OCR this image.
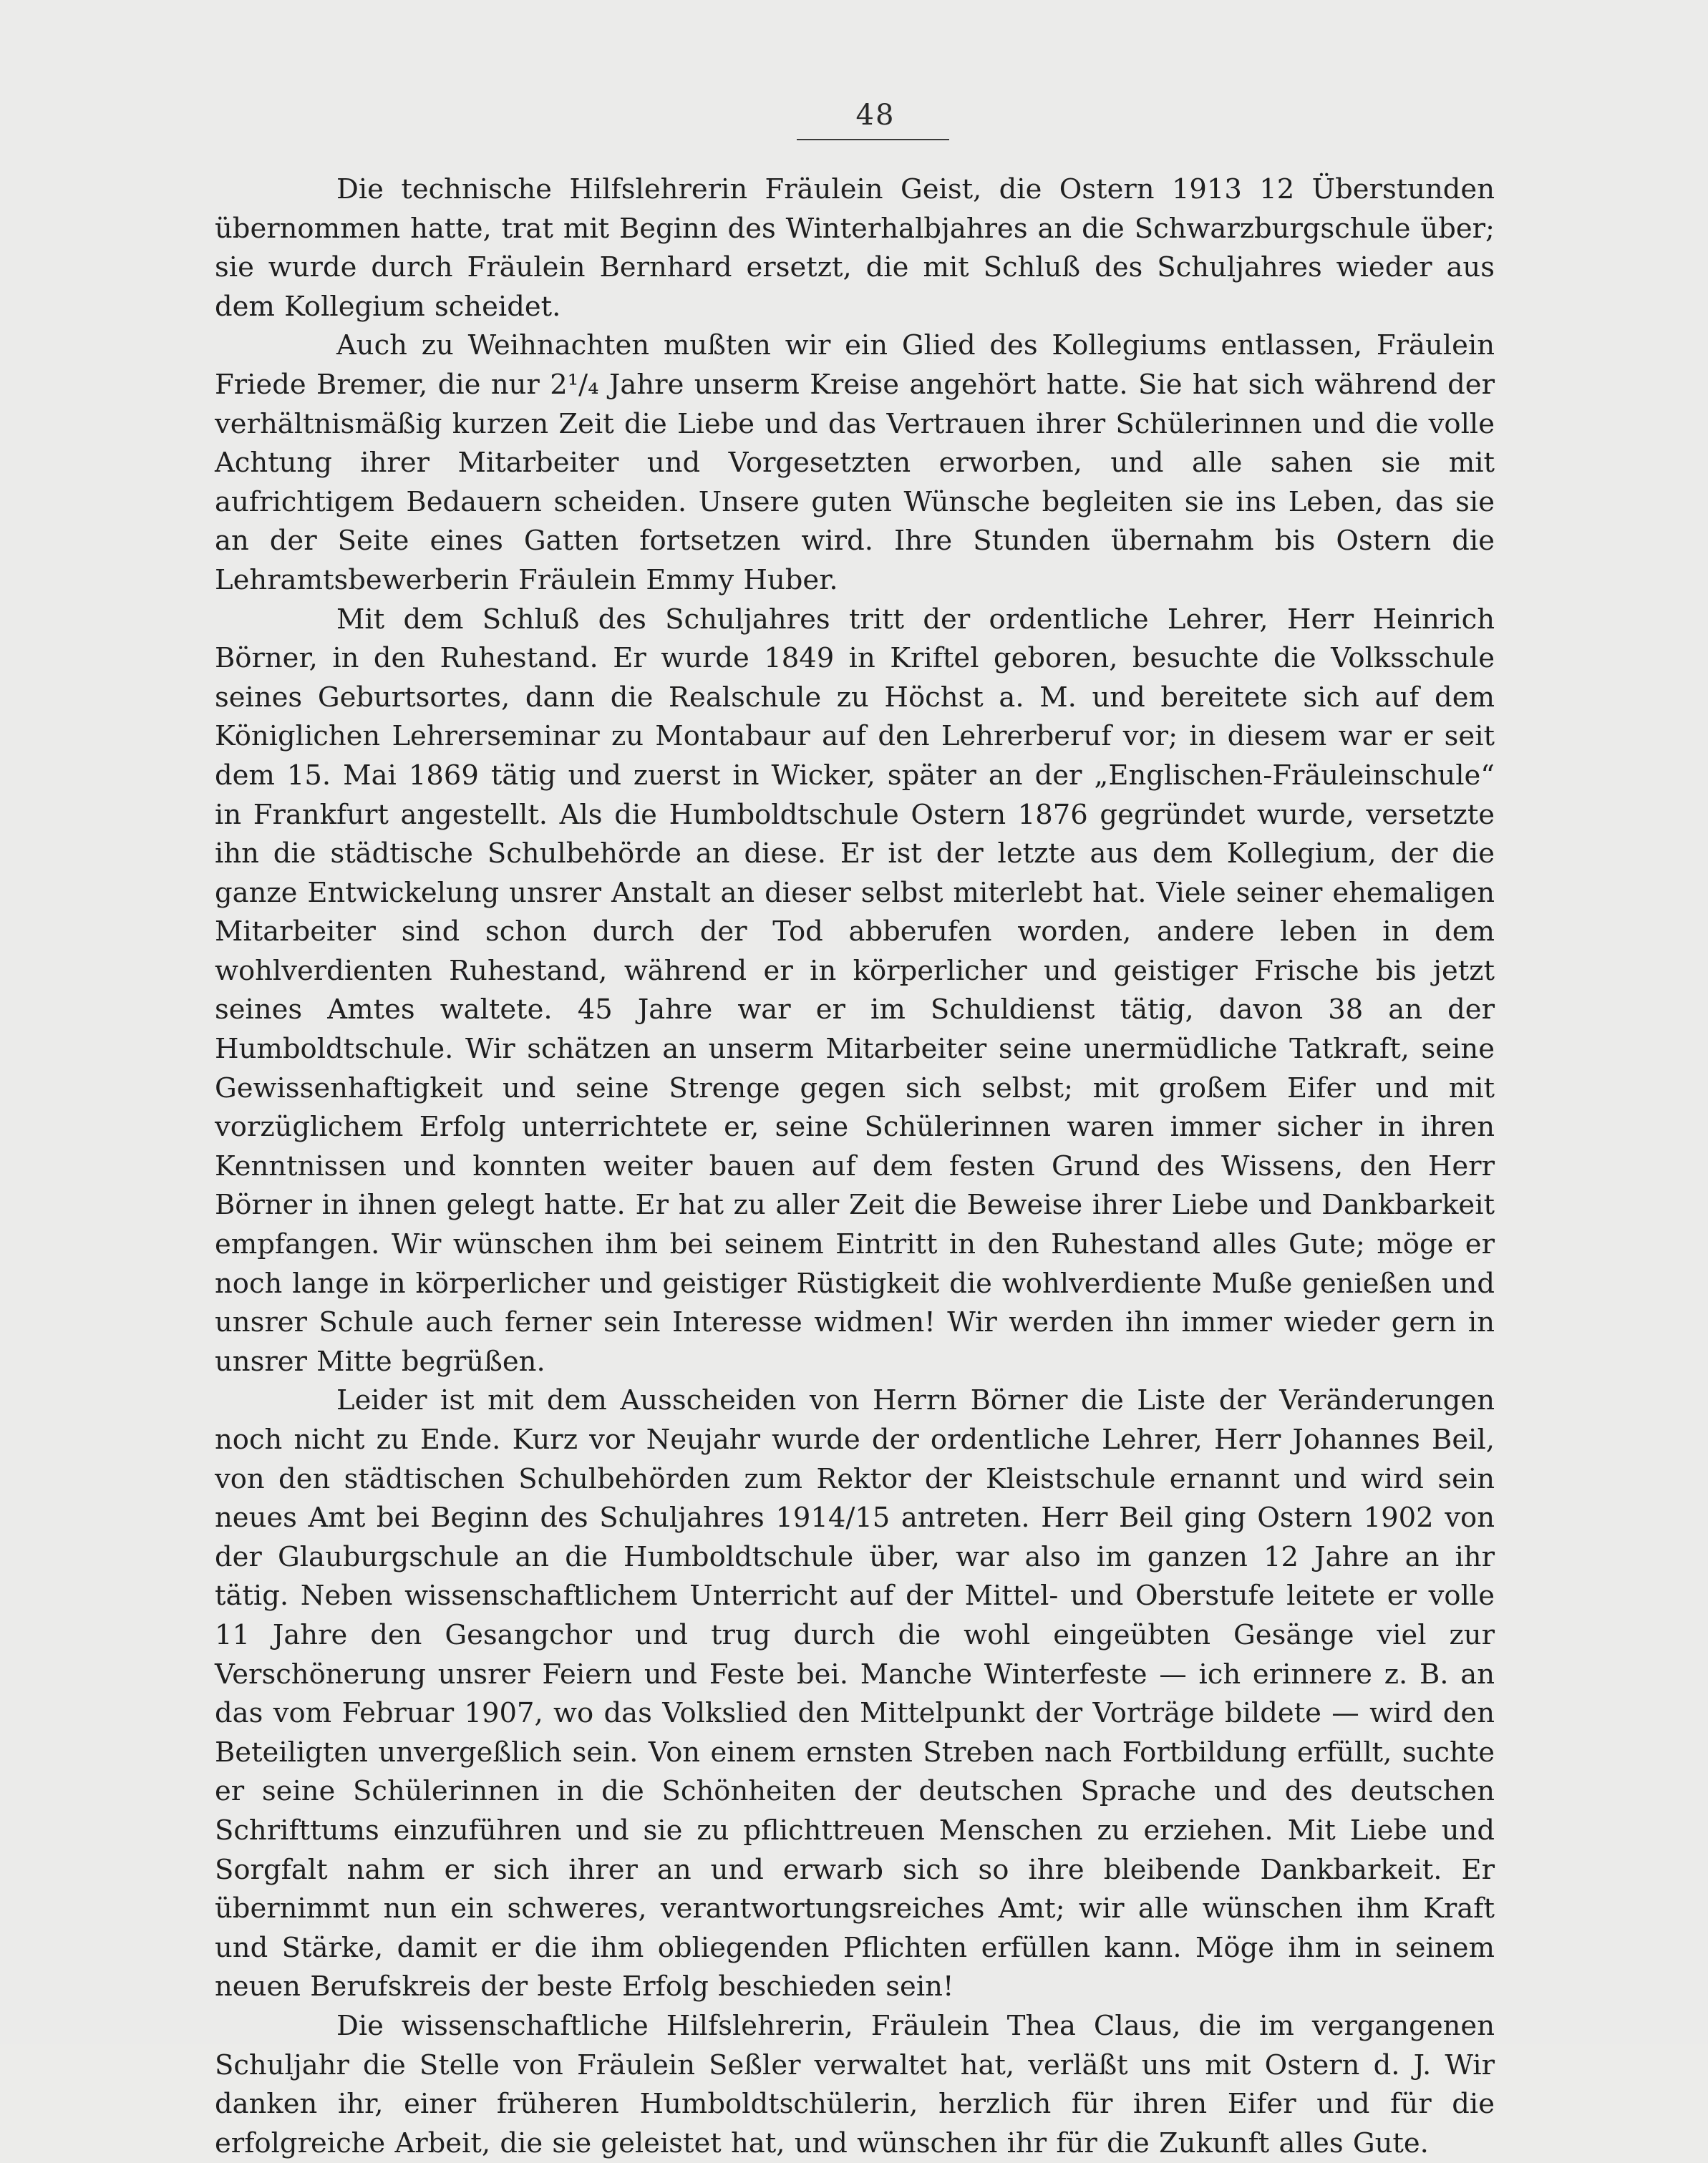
48

Die technische Hilfslehrerin Fräulein Geist, die Ostern 1913 12 Überstunden übernommen hatte, trat mit Beginn des Winterhalbjahres an die Schwarzburgschule über; sie wurde durch Fräulein Bernhard ersetzt, die mit Schluß des Schuljahres wieder aus dem Kollegium scheidet.

Auch zu Weihnachten mußten wir ein Glied des Kollegiums entlassen, Fräulein Friede Bremer, die nur 2¹/₄ Jahre unserm Kreise angehört hatte. Sie hat sich während der verhältnismäßig kurzen Zeit die Liebe und das Vertrauen ihrer Schülerinnen und die volle Achtung ihrer Mitarbeiter und Vorgesetzten erworben, und alle sahen sie mit aufrichtigem Bedauern scheiden. Unsere guten Wünsche begleiten sie ins Leben, das sie an der Seite eines Gatten fortsetzen wird. Ihre Stunden übernahm bis Ostern die Lehramtsbewerberin Fräulein Emmy Huber.

Mit dem Schluß des Schuljahres tritt der ordentliche Lehrer, Herr Heinrich Börner, in den Ruhestand. Er wurde 1849 in Kriftel geboren, besuchte die Volksschule seines Geburtsortes, dann die Realschule zu Höchst a. M. und bereitete sich auf dem Königlichen Lehrerseminar zu Montabaur auf den Lehrerberuf vor; in diesem war er seit dem 15. Mai 1869 tätig und zuerst in Wicker, später an der „Englischen-Fräuleinschule“ in Frankfurt angestellt. Als die Humboldtschule Ostern 1876 gegründet wurde, versetzte ihn die städtische Schulbehörde an diese. Er ist der letzte aus dem Kollegium, der die ganze Entwickelung unsrer Anstalt an dieser selbst miterlebt hat. Viele seiner ehemaligen Mitarbeiter sind schon durch der Tod abberufen worden, andere leben in dem wohlverdienten Ruhestand, während er in körperlicher und geistiger Frische bis jetzt seines Amtes waltete. 45 Jahre war er im Schuldienst tätig, davon 38 an der Humboldtschule. Wir schätzen an unserm Mitarbeiter seine unermüdliche Tatkraft, seine Gewissenhaftigkeit und seine Strenge gegen sich selbst; mit großem Eifer und mit vorzüglichem Erfolg unterrichtete er, seine Schülerinnen waren immer sicher in ihren Kenntnissen und konnten weiter bauen auf dem festen Grund des Wissens, den Herr Börner in ihnen gelegt hatte. Er hat zu aller Zeit die Beweise ihrer Liebe und Dankbarkeit empfangen. Wir wünschen ihm bei seinem Eintritt in den Ruhestand alles Gute; möge er noch lange in körperlicher und geistiger Rüstigkeit die wohlverdiente Muße genießen und unsrer Schule auch ferner sein Interesse widmen! Wir werden ihn immer wieder gern in unsrer Mitte begrüßen.

Leider ist mit dem Ausscheiden von Herrn Börner die Liste der Veränderungen noch nicht zu Ende. Kurz vor Neujahr wurde der ordentliche Lehrer, Herr Johannes Beil, von den städtischen Schulbehörden zum Rektor der Kleistschule ernannt und wird sein neues Amt bei Beginn des Schuljahres 1914/15 antreten. Herr Beil ging Ostern 1902 von der Glauburgschule an die Humboldtschule über, war also im ganzen 12 Jahre an ihr tätig. Neben wissenschaftlichem Unterricht auf der Mittel- und Oberstufe leitete er volle 11 Jahre den Gesangchor und trug durch die wohl eingeübten Gesänge viel zur Verschönerung unsrer Feiern und Feste bei. Manche Winterfeste — ich erinnere z. B. an das vom Februar 1907, wo das Volkslied den Mittelpunkt der Vorträge bildete — wird den Beteiligten unvergeßlich sein. Von einem ernsten Streben nach Fortbildung erfüllt, suchte er seine Schülerinnen in die Schönheiten der deutschen Sprache und des deutschen Schrifttums einzuführen und sie zu pflichttreuen Menschen zu erziehen. Mit Liebe und Sorgfalt nahm er sich ihrer an und erwarb sich so ihre bleibende Dankbarkeit. Er übernimmt nun ein schweres, verantwortungsreiches Amt; wir alle wünschen ihm Kraft und Stärke, damit er die ihm obliegenden Pflichten erfüllen kann. Möge ihm in seinem neuen Berufskreis der beste Erfolg beschieden sein!

Die wissenschaftliche Hilfslehrerin, Fräulein Thea Claus, die im vergangenen Schuljahr die Stelle von Fräulein Seßler verwaltet hat, verläßt uns mit Ostern d. J. Wir danken ihr, einer früheren Humboldtschülerin, herzlich für ihren Eifer und für die erfolgreiche Arbeit, die sie geleistet hat, und wünschen ihr für die Zukunft alles Gute.
